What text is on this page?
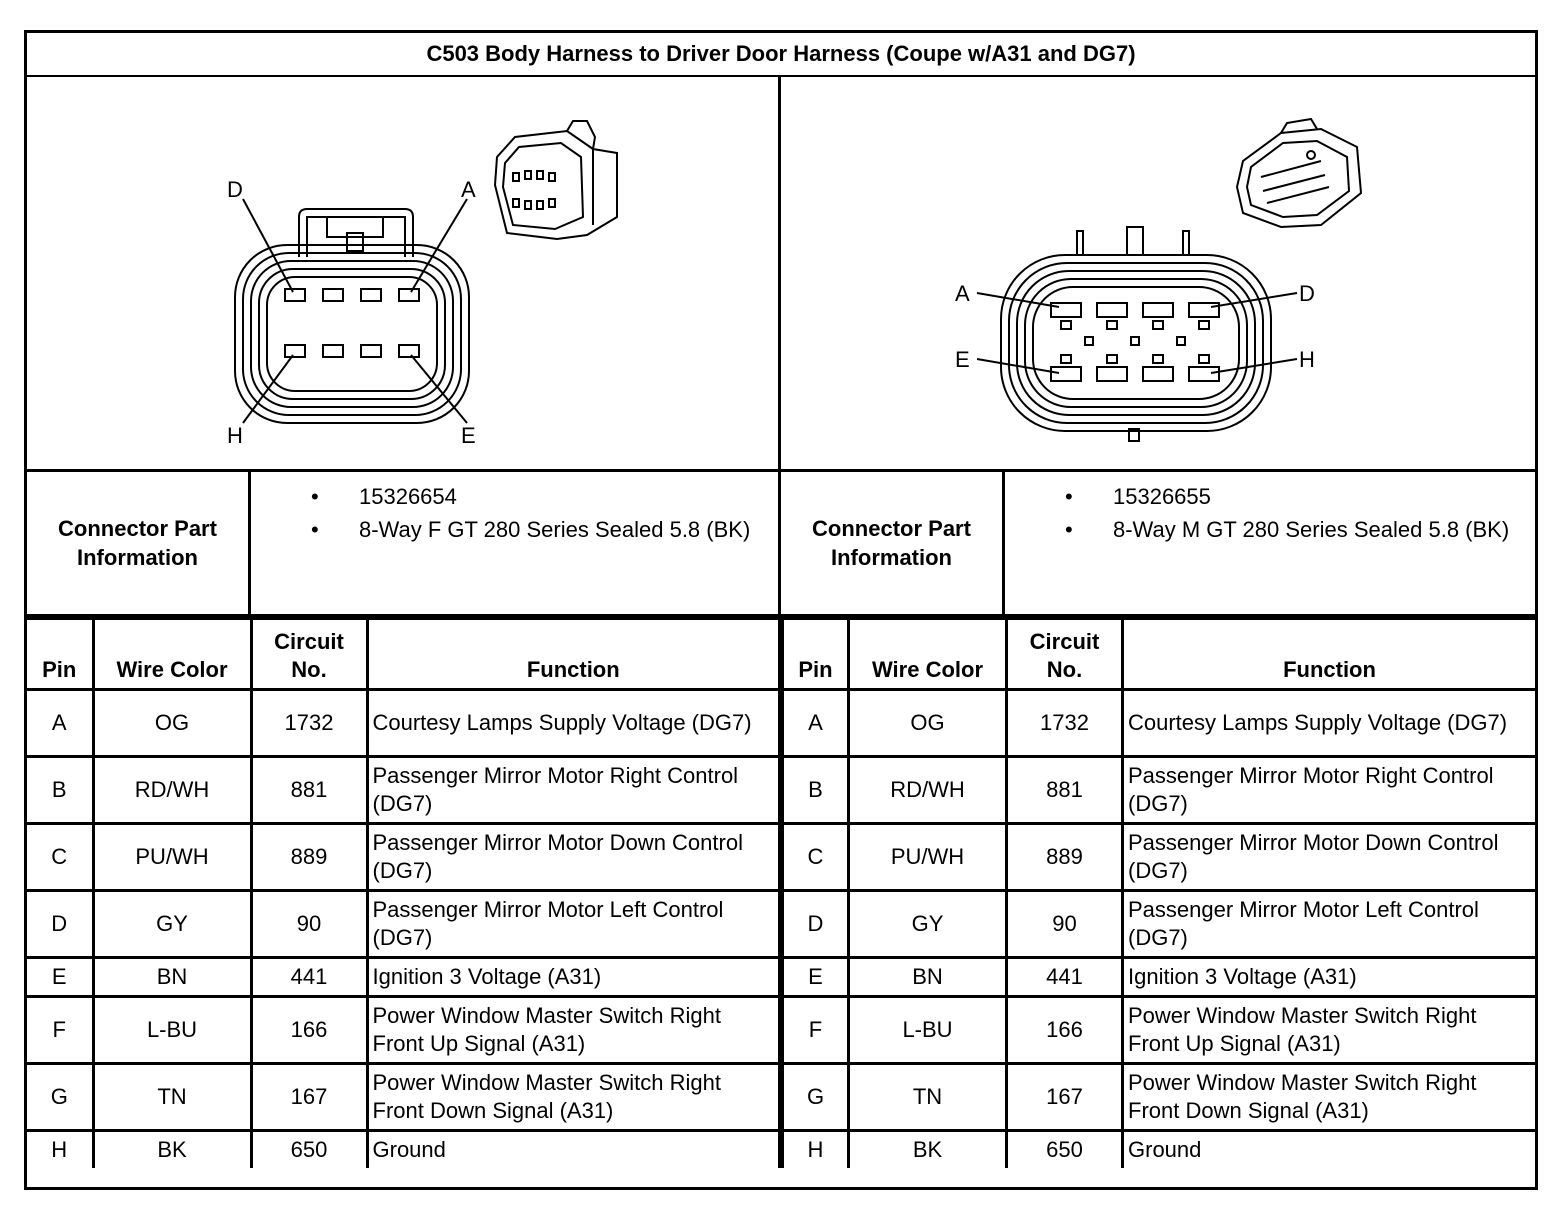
C503 Body Harness to Driver Door Harness (Coupe w/A31 and DG7)
D	A
H	E
A	D
E	H
Connector Part Information
• 15326654
• 8-Way F GT 280 Series Sealed 5.8 (BK)	Connector Part Information
• 15326655
• 8-Way M GT 280 Series Sealed 5.8 (BK)
Pin	Wire Color	Circuit No.	Function
A	OG	1732	Courtesy Lamps Supply Voltage (DG7)
B	RD/WH	881	Passenger Mirror Motor Right Control (DG7)
C	PU/WH	889	Passenger Mirror Motor Down Control (DG7)
D	GY	90	Passenger Mirror Motor Left Control (DG7)
E	BN	441	Ignition 3 Voltage (A31)
F	L-BU	166	Power Window Master Switch Right Front Up Signal (A31)
G	TN	167	Power Window Master Switch Right Front Down Signal (A31)
H	BK	650	Ground
Pin	Wire Color	Circuit No.	Function
A	OG	1732	Courtesy Lamps Supply Voltage (DG7)
B	RD/WH	881	Passenger Mirror Motor Right Control (DG7)
C	PU/WH	889	Passenger Mirror Motor Down Control (DG7)
D	GY	90	Passenger Mirror Motor Left Control (DG7)
E	BN	441	Ignition 3 Voltage (A31)
F	L-BU	166	Power Window Master Switch Right Front Up Signal (A31)
G	TN	167	Power Window Master Switch Right Front Down Signal (A31)
H	BK	650	Ground
